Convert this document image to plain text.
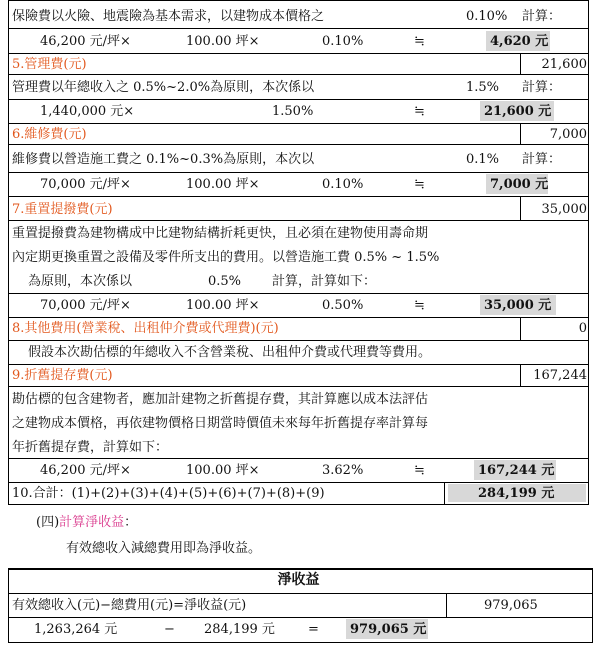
保險費以火險、地震險為基本需求，以建物成本價格之	0.10% 計算：
46,200 元/坪×	100.00 坪×	0.10%	≒	4,620 元
5.管理費(元)	21,600
管理費以年總收入之 0.5%~2.0%為原則，本次係以	1.5% 計算：
1,440,000 元×	1.50%	≒	21,600 元
6.維修費(元)	7,000
維修費以營造施工費之 0.1%~0.3%為原則，本次以	0.1% 計算：
70,000 元/坪×	100.00 坪×	0.10%	≒	7,000 元
7.重置提撥費(元)	35,000
重置提撥費為建物構成中比建物結構折耗更快，且必須在建物使用壽命期
內定期更換重置之設備及零件所支出的費用。以營造施工費 0.5% ~ 1.5%
為原則，本次係以	0.5% 計算，計算如下：
70,000 元/坪×	100.00 坪×	0.50%	≒	35,000 元
8.其他費用(營業稅、出租仲介費或代理費)(元)	0
假設本次勘估標的年總收入不含營業稅、出租仲介費或代理費等費用。
9.折舊提存費(元)	167,244
勘估標的包含建物者，應加計建物之折舊提存費，其計算應以成本法評估
之建物成本價格，再依建物價格日期當時價值未來每年折舊提存率計算每
年折舊提存費，計算如下：
46,200 元/坪×	100.00 坪×	3.62%	≒	167,244 元
10.合計：(1)+(2)+(3)+(4)+(5)+(6)+(7)+(8)+(9)	284,199 元
(四)計算淨收益：
有效總收入減總費用即為淨收益。
淨收益
有效總收入(元)−總費用(元)=淨收益(元)	979,065
1,263,264 元	− 284,199 元	= 979,065 元
